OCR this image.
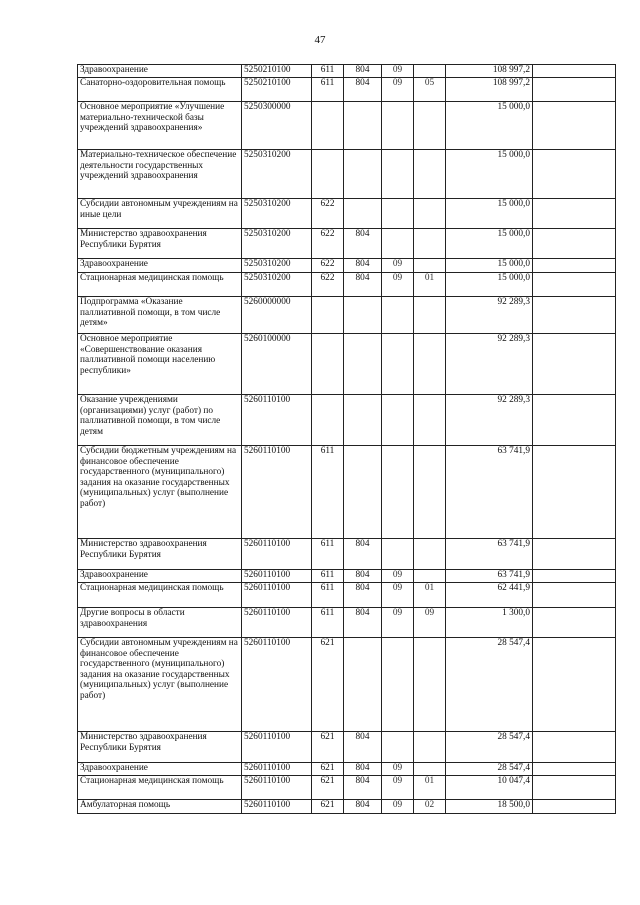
47
Здравоохранение	5250210100	611	804	09		108 997,2	
Санаторно-оздоровительная помощь	5250210100	611	804	09	05	108 997,2	
Основное мероприятие «Улучшение материально-технической базы учреждений здравоохранения»	5250300000					15 000,0	
Материально-техническое обеспечение деятельности государственных учреждений здравоохранения	5250310200					15 000,0	
Субсидии автономным учреждениям на иные цели	5250310200	622				15 000,0	
Министерство здравоохранения Республики Бурятия	5250310200	622	804			15 000,0	
Здравоохранение	5250310200	622	804	09		15 000,0	
Стационарная медицинская помощь	5250310200	622	804	09	01	15 000,0	
Подпрограмма «Оказание паллиативной помощи, в том числе детям»	5260000000					92 289,3	
Основное мероприятие «Совершенствование оказания паллиативной помощи населению республики»	5260100000					92 289,3	
Оказание учреждениями (организациями) услуг (работ) по паллиативной помощи, в том числе детям	5260110100					92 289,3	
Субсидии бюджетным учреждениям на финансовое обеспечение государственного (муниципального) задания на оказание государственных (муниципальных) услуг (выполнение работ)	5260110100	611				63 741,9	
Министерство здравоохранения Республики Бурятия	5260110100	611	804			63 741,9	
Здравоохранение	5260110100	611	804	09		63 741,9	
Стационарная медицинская помощь	5260110100	611	804	09	01	62 441,9	
Другие вопросы в области здравоохранения	5260110100	611	804	09	09	1 300,0	
Субсидии автономным учреждениям на финансовое обеспечение государственного (муниципального) задания на оказание государственных (муниципальных) услуг (выполнение работ)	5260110100	621				28 547,4	
Министерство здравоохранения Республики Бурятия	5260110100	621	804			28 547,4	
Здравоохранение	5260110100	621	804	09		28 547,4	
Стационарная медицинская помощь	5260110100	621	804	09	01	10 047,4	
Амбулаторная помощь	5260110100	621	804	09	02	18 500,0	
